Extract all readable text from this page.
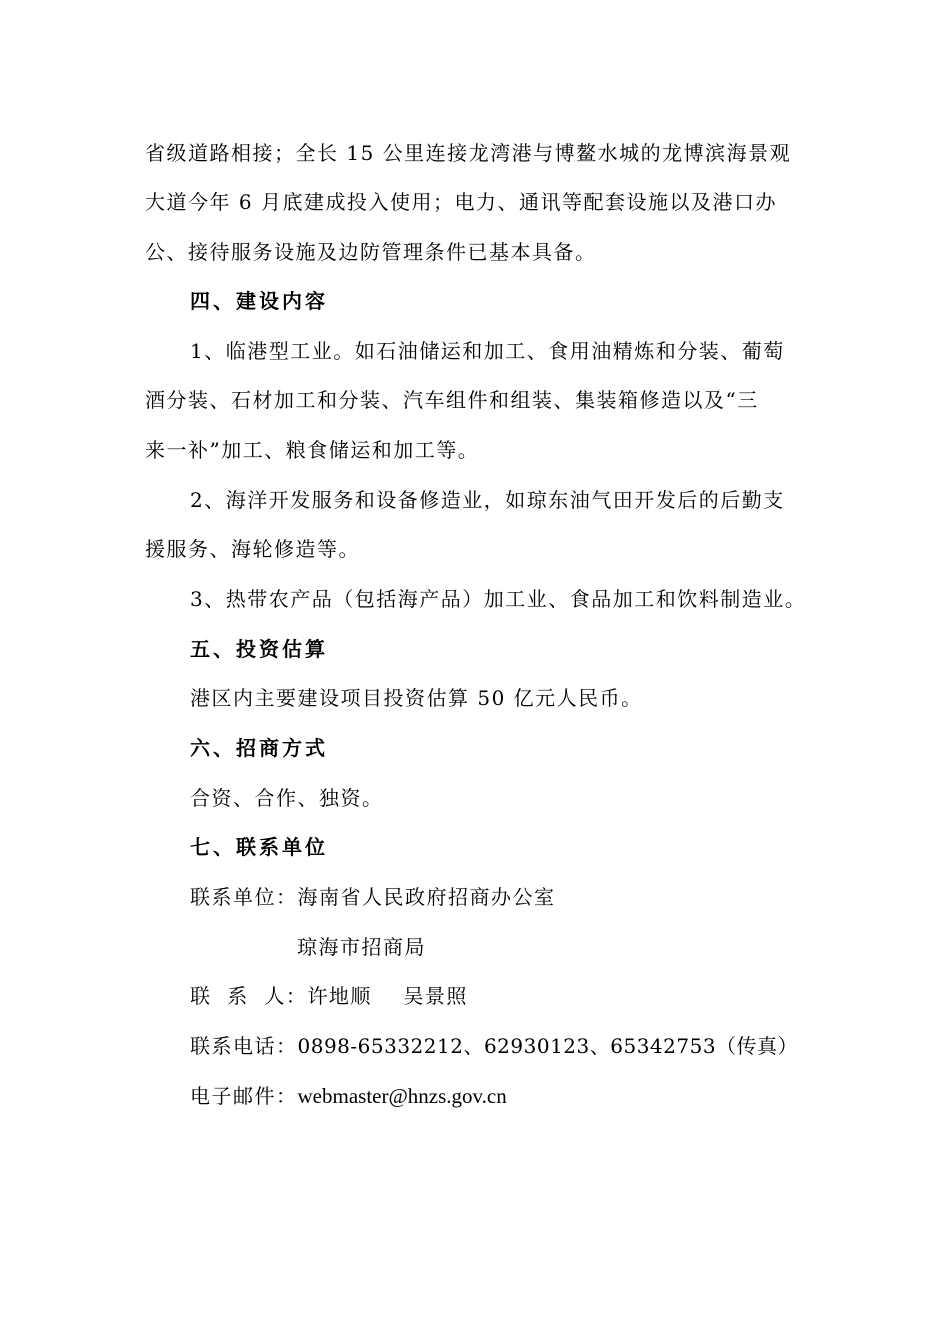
省级道路相接；全长 15 公里连接龙湾港与博鳌水城的龙博滨海景观
大道今年 6 月底建成投入使用；电力、通讯等配套设施以及港口办
公、接待服务设施及边防管理条件已基本具备。
四、建设内容
1、临港型工业。如石油储运和加工、食用油精炼和分装、葡萄
酒分装、石材加工和分装、汽车组件和组装、集装箱修造以及“三
来一补”加工、粮食储运和加工等。
2、海洋开发服务和设备修造业，如琼东油气田开发后的后勤支
援服务、海轮修造等。
3、热带农产品（包括海产品）加工业、食品加工和饮料制造业。
五、投资估算
港区内主要建设项目投资估算 50 亿元人民币。
六、招商方式
合资、合作、独资。
七、联系单位
联系单位：海南省人民政府招商办公室
琼海市招商局
联  系  人：许地顺    吴景照
联系电话：0898-65332212、62930123、65342753（传真）
电子邮件：webmaster@hnzs.gov.cn
